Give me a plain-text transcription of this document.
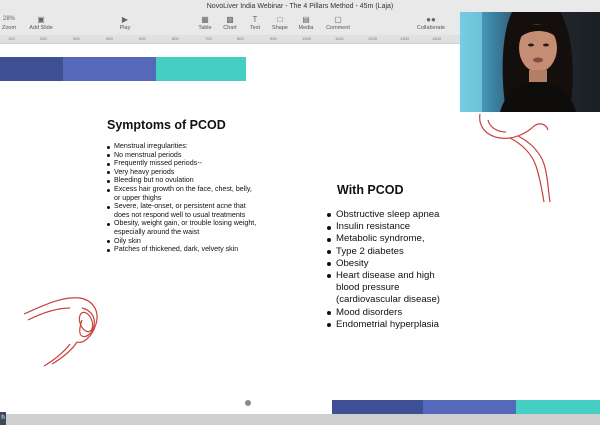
NovoLiver India Webinar - The 4 Pillars Method - 45m (Laja)
28%
Zoom
▣
Add Slide
▶
Play
▦
Table
▩
Chart
T
Text
□
Shape
▤
Media
▢
Comment
●●
Collaborate
100	200	300	400	500	600	700	800	900	1000	1100	1200	1300	1400
Symptoms of PCOD
With PCOD
Menstrual irregularities:
No menstrual periods
Frequently missed periods--
Very heavy periods
Bleeding but no ovulation
Excess hair growth on the face, chest, belly, or upper thighs
Severe, late-onset, or persistent acne that does not respond well to usual treatments
Obesity, weight gain, or trouble losing weight, especially around the waist
Oily skin
Patches of thickened, dark, velvety skin
Obstructive sleep apnea
Insulin resistance
Metabolic syndrome,
Type 2 diabetes
Obesity
Heart disease and high blood pressure (cardiovascular disease)
Mood disorders
Endometrial hyperplasia
h
